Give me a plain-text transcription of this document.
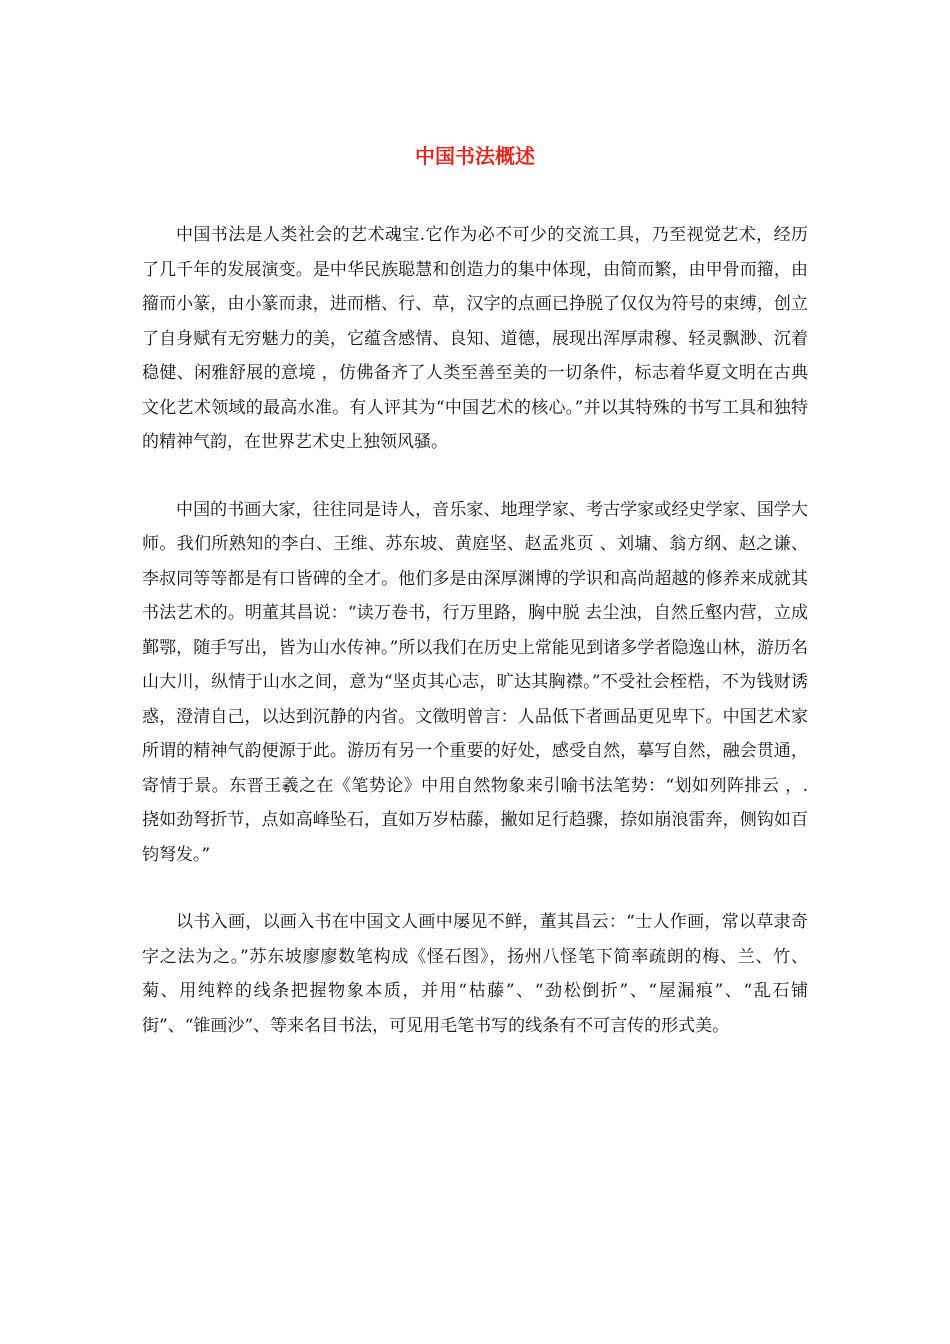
中国书法概述

中国书法是人类社会的艺术魂宝.它作为必不可少的交流工具，乃至视觉艺术，经历了几千年的发展演变。是中华民族聪慧和创造力的集中体现，由简而繁，由甲骨而籀，由籀而小篆，由小篆而隶，进而楷、行、草，汉字的点画已挣脱了仅仅为符号的束缚，创立了自身赋有无穷魅力的美，它蕴含感情、良知、道德，展现出浑厚肃穆、轻灵飘渺、沉着稳健、闲雅舒展的意境 ，仿佛备齐了人类至善至美的一切条件，标志着华夏文明在古典文化艺术领域的最高水准。有人评其为“中国艺术的核心。”并以其特殊的书写工具和独特的精神气韵，在世界艺术史上独领风骚。

中国的书画大家，往往同是诗人，音乐家、地理学家、考古学家或经史学家、国学大师。我们所熟知的李白、王维、苏东坡、黄庭坚、赵孟兆页 、刘墉、翁方纲、赵之谦、李叔同等等都是有口皆碑的全才。他们多是由深厚渊博的学识和高尚超越的修养来成就其书法艺术的。明董其昌说：“读万卷书，行万里路，胸中脱 去尘浊，自然丘壑内营，立成鄞鄂，随手写出，皆为山水传神。”所以我们在历史上常能见到诸多学者隐逸山林，游历名山大川，纵情于山水之间，意为“坚贞其心志，旷达其胸襟。”不受社会桎梏，不为钱财诱惑，澄清自己，以达到沉静的内省。文徵明曾言：人品低下者画品更见卑下。中国艺术家所谓的精神气韵便源于此。游历有另一个重要的好处，感受自然，摹写自然，融会贯通，寄情于景。东晋王羲之在《笔势论》中用自然物象来引喻书法笔势：“划如列阵排云 ，. 挠如劲弩折节，点如高峰坠石，直如万岁枯藤，撇如足行趋骤，捺如崩浪雷奔，侧钩如百钧弩发。”

以书入画，以画入书在中国文人画中屡见不鲜，董其昌云：“士人作画，常以草隶奇字之法为之。”苏东坡廖廖数笔构成《怪石图》，扬州八怪笔下简率疏朗的梅、兰、竹、菊、用纯粹的线条把握物象本质，并用“枯藤”、“劲松倒折”、“屋漏痕”、“乱石铺街”、“锥画沙”、等来名目书法，可见用毛笔书写的线条有不可言传的形式美。
